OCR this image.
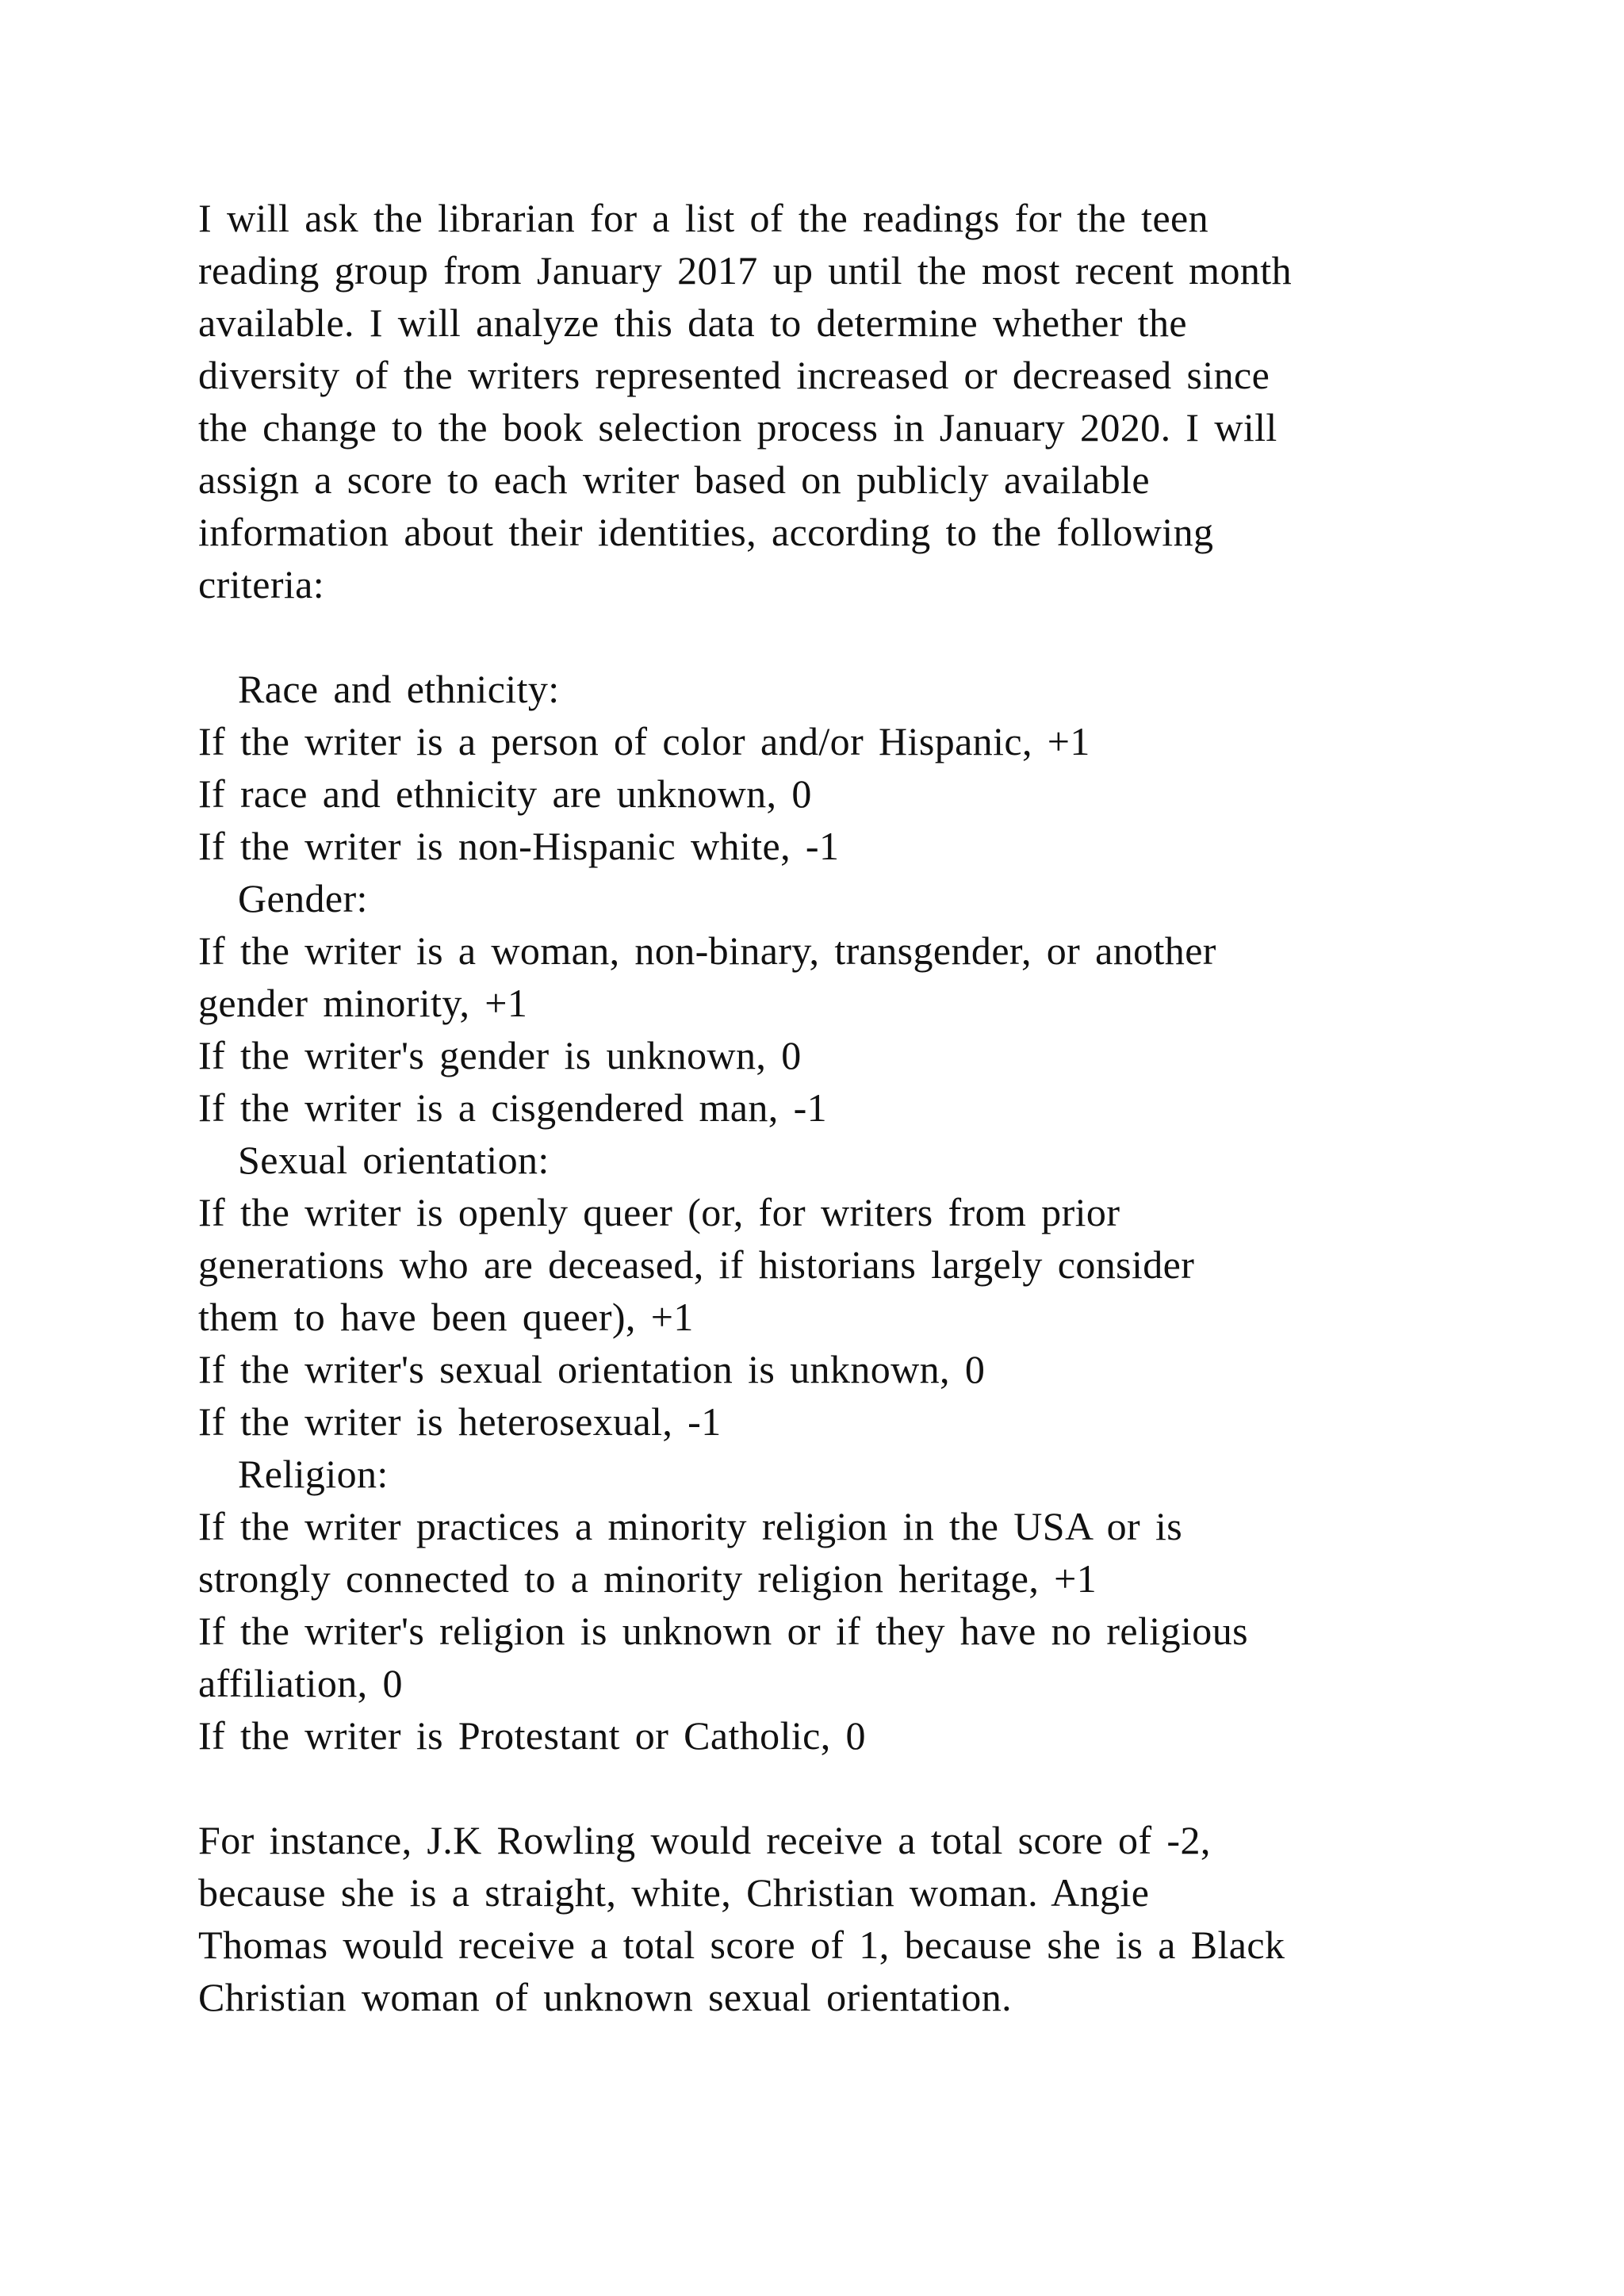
I will ask the librarian for a list of the readings for the teen

reading group from January 2017 up until the most recent month

available. I will analyze this data to determine whether the

diversity of the writers represented increased or decreased since

the change to the book selection process in January 2020. I will

assign a score to each writer based on publicly available

information about their identities, according to the following

criteria:

Race and ethnicity:

If the writer is a person of color and/or Hispanic, +1

If race and ethnicity are unknown, 0

If the writer is non-Hispanic white, -1

Gender:

If the writer is a woman, non-binary, transgender, or another

gender minority, +1

If the writer's gender is unknown, 0

If the writer is a cisgendered man, -1

Sexual orientation:

If the writer is openly queer (or, for writers from prior

generations who are deceased, if historians largely consider

them to have been queer), +1

If the writer's sexual orientation is unknown, 0

If the writer is heterosexual, -1

Religion:

If the writer practices a minority religion in the USA or is

strongly connected to a minority religion heritage, +1

If the writer's religion is unknown or if they have no religious

affiliation, 0

If the writer is Protestant or Catholic, 0

For instance, J.K Rowling would receive a total score of -2,

because she is a straight, white, Christian woman. Angie

Thomas would receive a total score of 1, because she is a Black

Christian woman of unknown sexual orientation.
